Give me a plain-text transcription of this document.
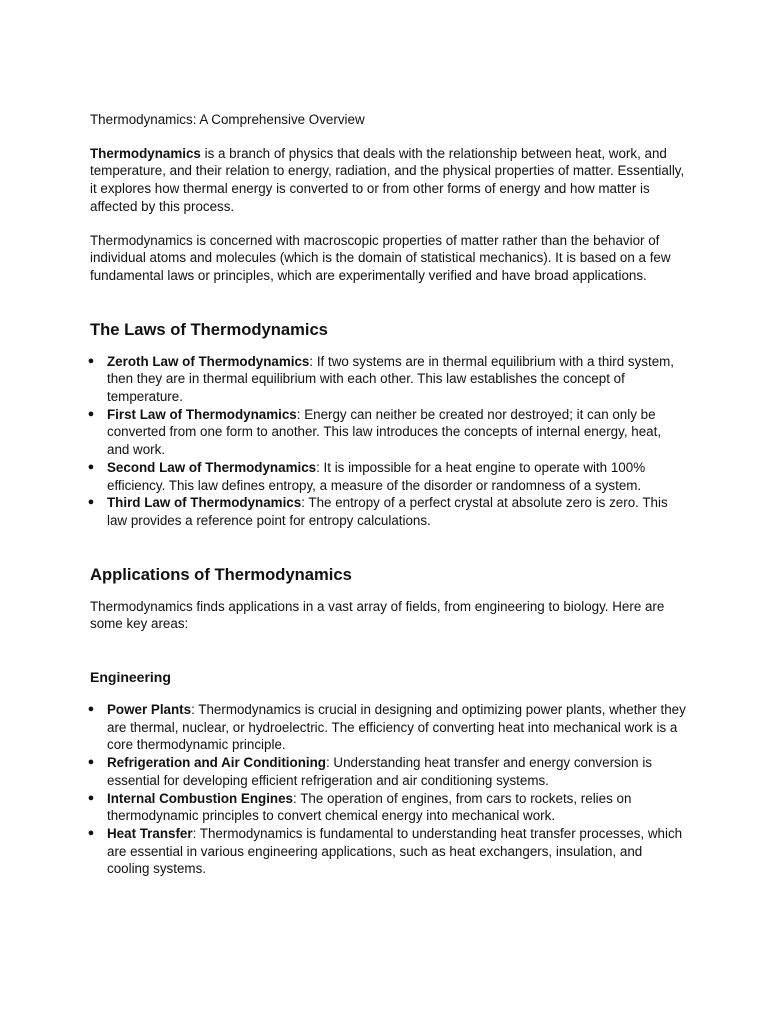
Thermodynamics: A Comprehensive Overview

Thermodynamics is a branch of physics that deals with the relationship between heat, work, and temperature, and their relation to energy, radiation, and the physical properties of matter. Essentially, it explores how thermal energy is converted to or from other forms of energy and how matter is affected by this process.

Thermodynamics is concerned with macroscopic properties of matter rather than the behavior of individual atoms and molecules (which is the domain of statistical mechanics). It is based on a few fundamental laws or principles, which are experimentally verified and have broad applications.

The Laws of Thermodynamics
● Zeroth Law of Thermodynamics: If two systems are in thermal equilibrium with a third system, then they are in thermal equilibrium with each other. This law establishes the concept of temperature.
● First Law of Thermodynamics: Energy can neither be created nor destroyed; it can only be converted from one form to another. This law introduces the concepts of internal energy, heat, and work.
● Second Law of Thermodynamics: It is impossible for a heat engine to operate with 100% efficiency. This law defines entropy, a measure of the disorder or randomness of a system.
● Third Law of Thermodynamics: The entropy of a perfect crystal at absolute zero is zero. This law provides a reference point for entropy calculations.
Applications of Thermodynamics

Thermodynamics finds applications in a vast array of fields, from engineering to biology. Here are some key areas:

Engineering
● Power Plants: Thermodynamics is crucial in designing and optimizing power plants, whether they are thermal, nuclear, or hydroelectric. The efficiency of converting heat into mechanical work is a core thermodynamic principle.
● Refrigeration and Air Conditioning: Understanding heat transfer and energy conversion is essential for developing efficient refrigeration and air conditioning systems.
● Internal Combustion Engines: The operation of engines, from cars to rockets, relies on thermodynamic principles to convert chemical energy into mechanical work.
● Heat Transfer: Thermodynamics is fundamental to understanding heat transfer processes, which are essential in various engineering applications, such as heat exchangers, insulation, and cooling systems.
